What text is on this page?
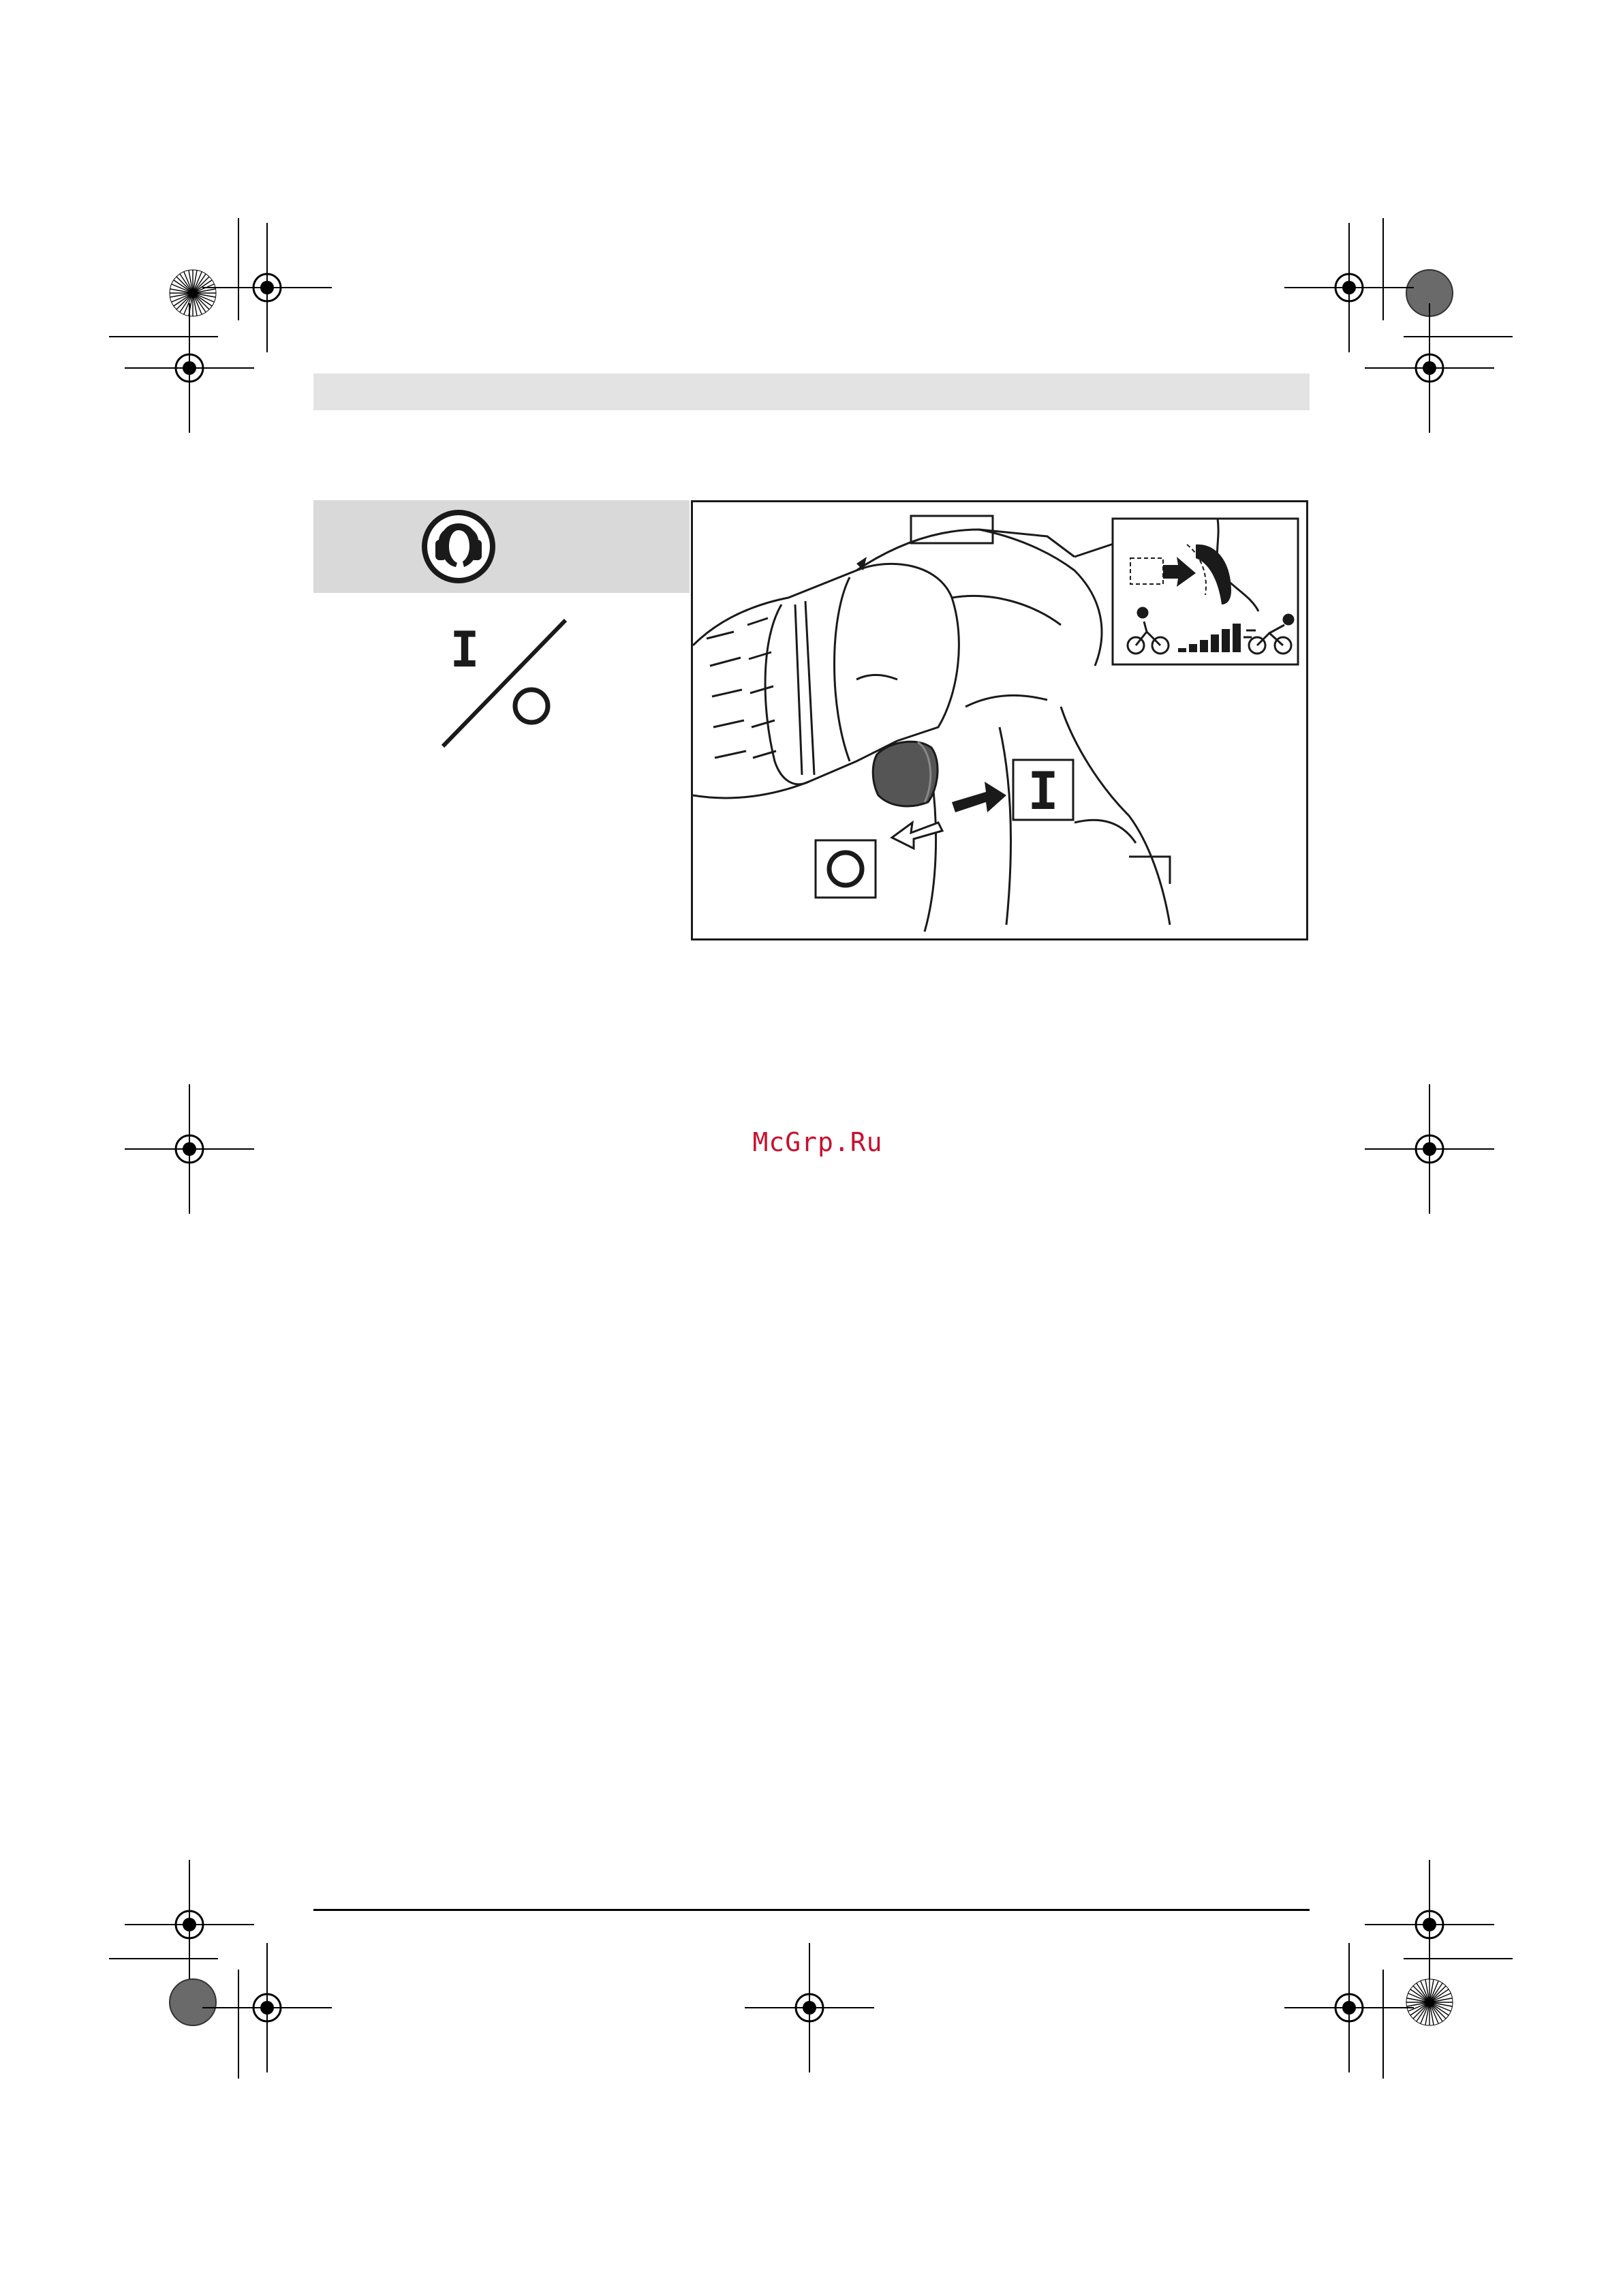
I
I
McGrp.Ru
